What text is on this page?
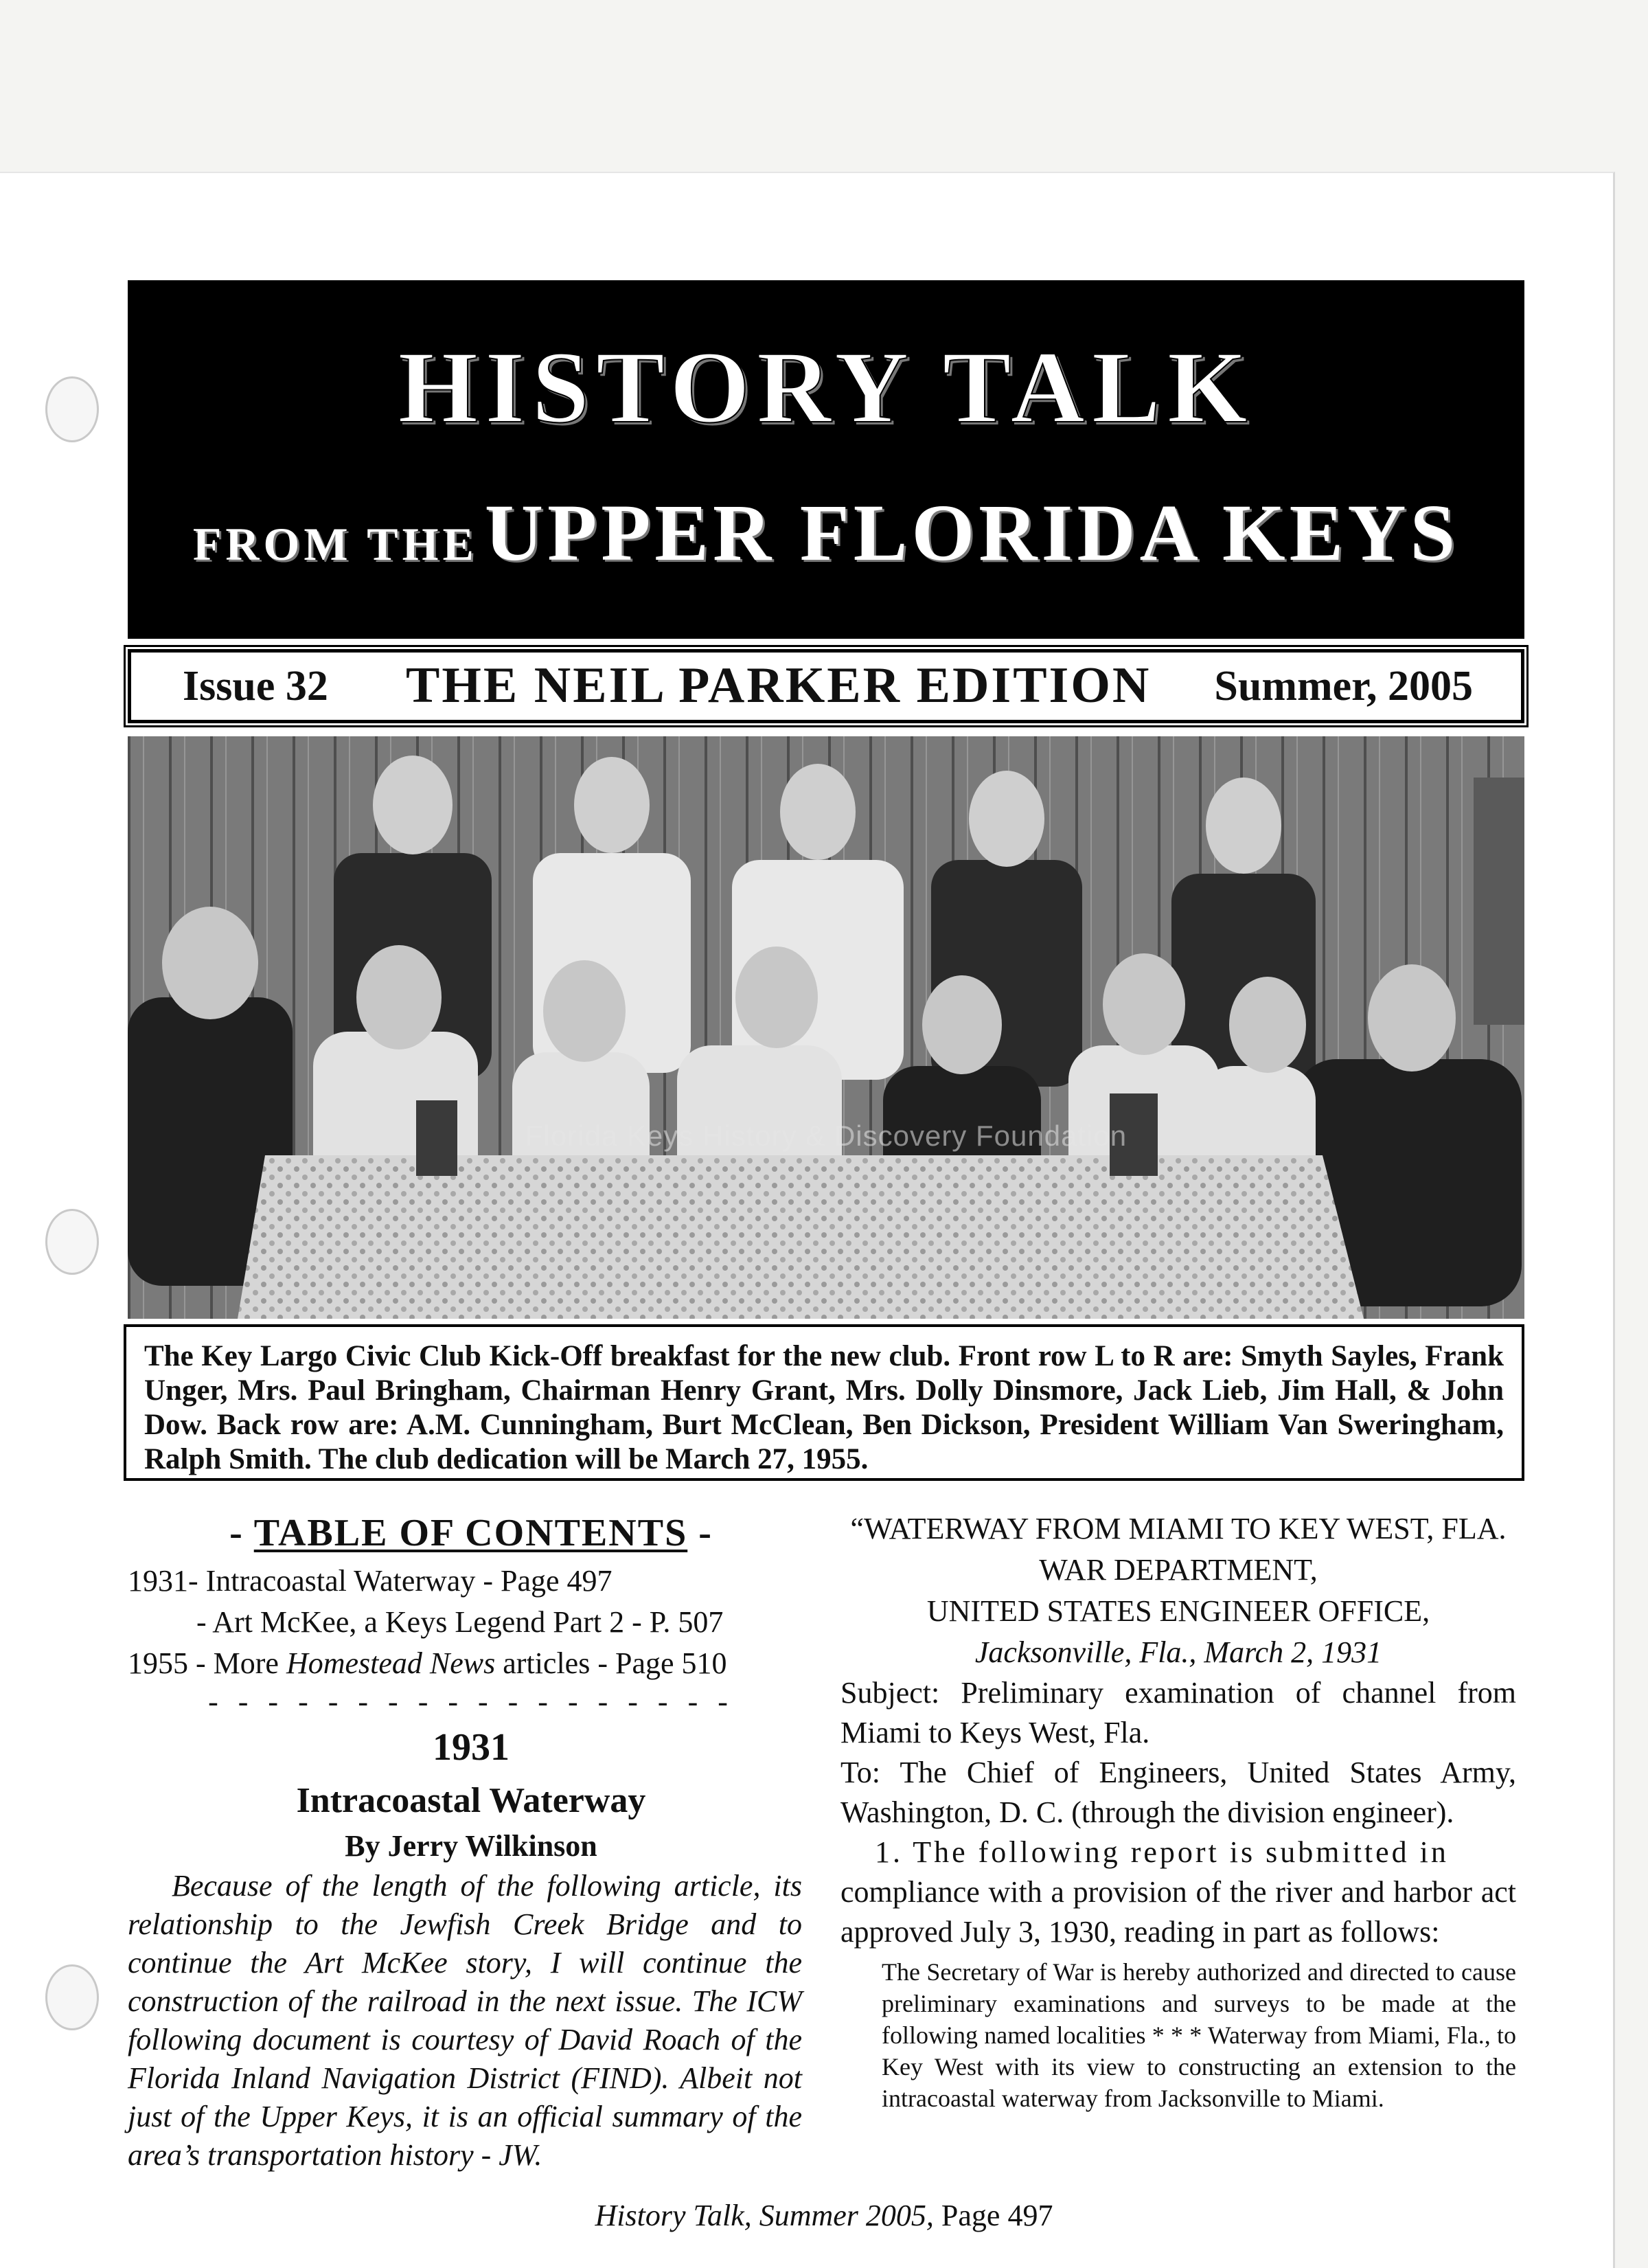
HISTORY TALK
FROM THE UPPER FLORIDA KEYS
Issue 32 THE NEIL PARKER EDITION	Summer, 2005
Florida Keys History & Discovery Foundation
The Key Largo Civic Club Kick-Off breakfast for the new club. Front row L to R are: Smyth Sayles, Frank Unger, Mrs. Paul Bringham, Chairman Henry Grant, Mrs. Dolly Dinsmore, Jack Lieb, Jim Hall, & John Dow. Back row are: A.M. Cunningham, Burt McClean, Ben Dickson, President William Van Sweringham, Ralph Smith. The club dedication will be March 27, 1955.
- TABLE OF CONTENTS -
1931- Intracoastal Waterway - Page 497
- Art McKee, a Keys Legend Part 2 - P. 507
1955 - More Homestead News articles - Page 510
- - - - - - - - - - - - - - - - - -
1931
Intracoastal Waterway
By Jerry Wilkinson
Because of the length of the following article, its relationship to the Jewfish Creek Bridge and to continue the Art McKee story, I will continue the construction of the railroad in the next issue. The ICW following document is courtesy of David Roach of the Florida Inland Navigation District (FIND). Albeit not just of the Upper Keys, it is an official summary of the area’s transportation history - JW.
“WATERWAY FROM MIAMI TO KEY WEST, FLA.
WAR DEPARTMENT,
UNITED STATES ENGINEER OFFICE,
Jacksonville, Fla., March 2, 1931
Subject: Preliminary examination of channel from Miami to Keys West, Fla.
To: The Chief of Engineers, United States Army, Washington, D. C. (through the division engineer).
1. The following report is submitted in
compliance with a provision of the river and harbor act approved July 3, 1930, reading in part as follows:
The Secretary of War is hereby authorized and directed to cause preliminary examinations and surveys to be made at the following named localities * * * Waterway from Miami, Fla., to Key West with its view to constructing an extension to the intracoastal waterway from Jacksonville to Miami.
History Talk, Summer 2005, Page 497
